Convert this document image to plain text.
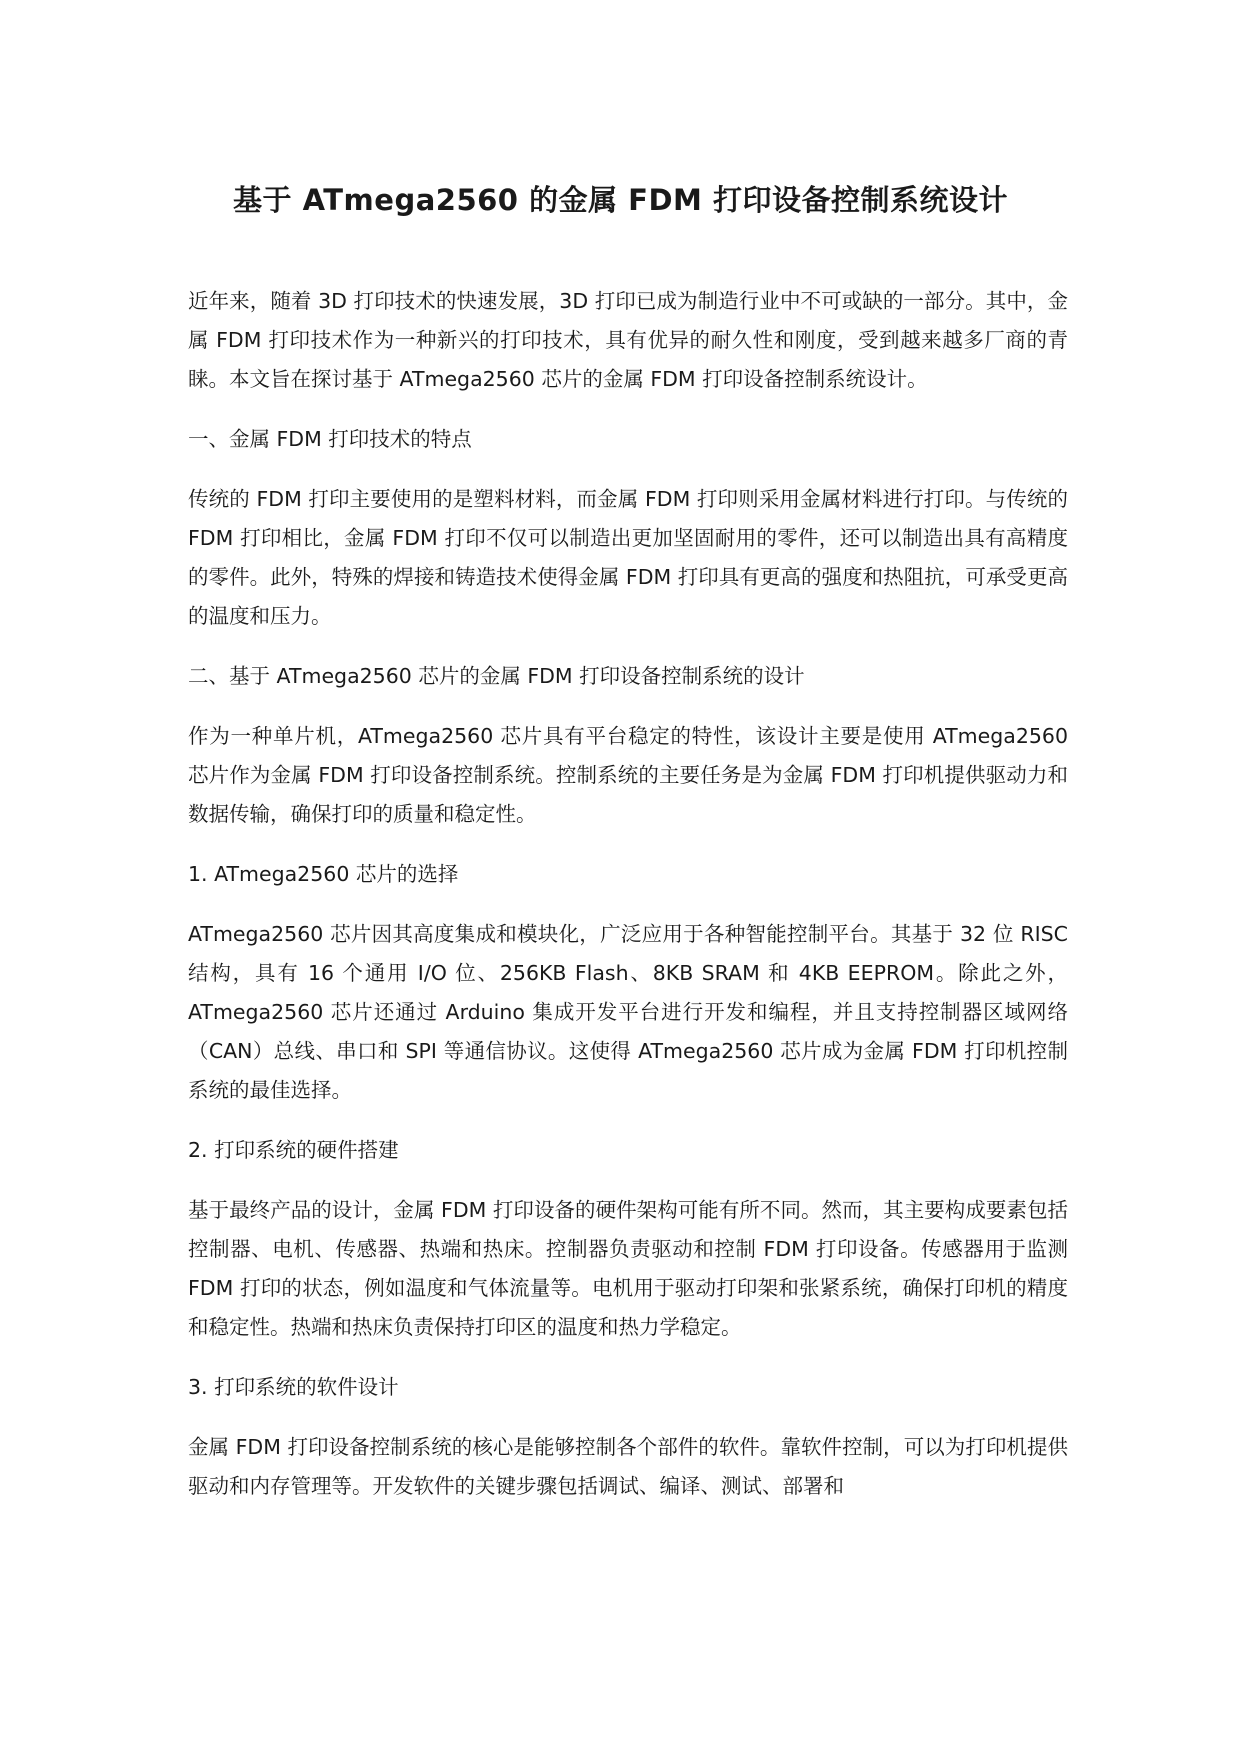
基于 ATmega2560 的金属 FDM 打印设备控制系统设计

近年来，随着 3D 打印技术的快速发展，3D 打印已成为制造行业中不可或缺的一部分。其中，金属 FDM 打印技术作为一种新兴的打印技术，具有优异的耐久性和刚度，受到越来越多厂商的青睐。本文旨在探讨基于 ATmega2560 芯片的金属 FDM 打印设备控制系统设计。

一、金属 FDM 打印技术的特点

传统的 FDM 打印主要使用的是塑料材料，而金属 FDM 打印则采用金属材料进行打印。与传统的 FDM 打印相比，金属 FDM 打印不仅可以制造出更加坚固耐用的零件，还可以制造出具有高精度的零件。此外，特殊的焊接和铸造技术使得金属 FDM 打印具有更高的强度和热阻抗，可承受更高的温度和压力。

二、基于 ATmega2560 芯片的金属 FDM 打印设备控制系统的设计

作为一种单片机，ATmega2560 芯片具有平台稳定的特性，该设计主要是使用 ATmega2560 芯片作为金属 FDM 打印设备控制系统。控制系统的主要任务是为金属 FDM 打印机提供驱动力和数据传输，确保打印的质量和稳定性。

1. ATmega2560 芯片的选择

ATmega2560 芯片因其高度集成和模块化，广泛应用于各种智能控制平台。其基于 32 位 RISC 结构，具有 16 个通用 I/O 位、256KB Flash、8KB SRAM 和 4KB EEPROM。除此之外，ATmega2560 芯片还通过 Arduino 集成开发平台进行开发和编程，并且支持控制器区域网络（CAN）总线、串口和 SPI 等通信协议。这使得 ATmega2560 芯片成为金属 FDM 打印机控制系统的最佳选择。

2. 打印系统的硬件搭建

基于最终产品的设计，金属 FDM 打印设备的硬件架构可能有所不同。然而，其主要构成要素包括控制器、电机、传感器、热端和热床。控制器负责驱动和控制 FDM 打印设备。传感器用于监测 FDM 打印的状态，例如温度和气体流量等。电机用于驱动打印架和张紧系统，确保打印机的精度和稳定性。热端和热床负责保持打印区的温度和热力学稳定。

3. 打印系统的软件设计

金属 FDM 打印设备控制系统的核心是能够控制各个部件的软件。靠软件控制，可以为打印机提供驱动和内存管理等。开发软件的关键步骤包括调试、编译、测试、部署和
